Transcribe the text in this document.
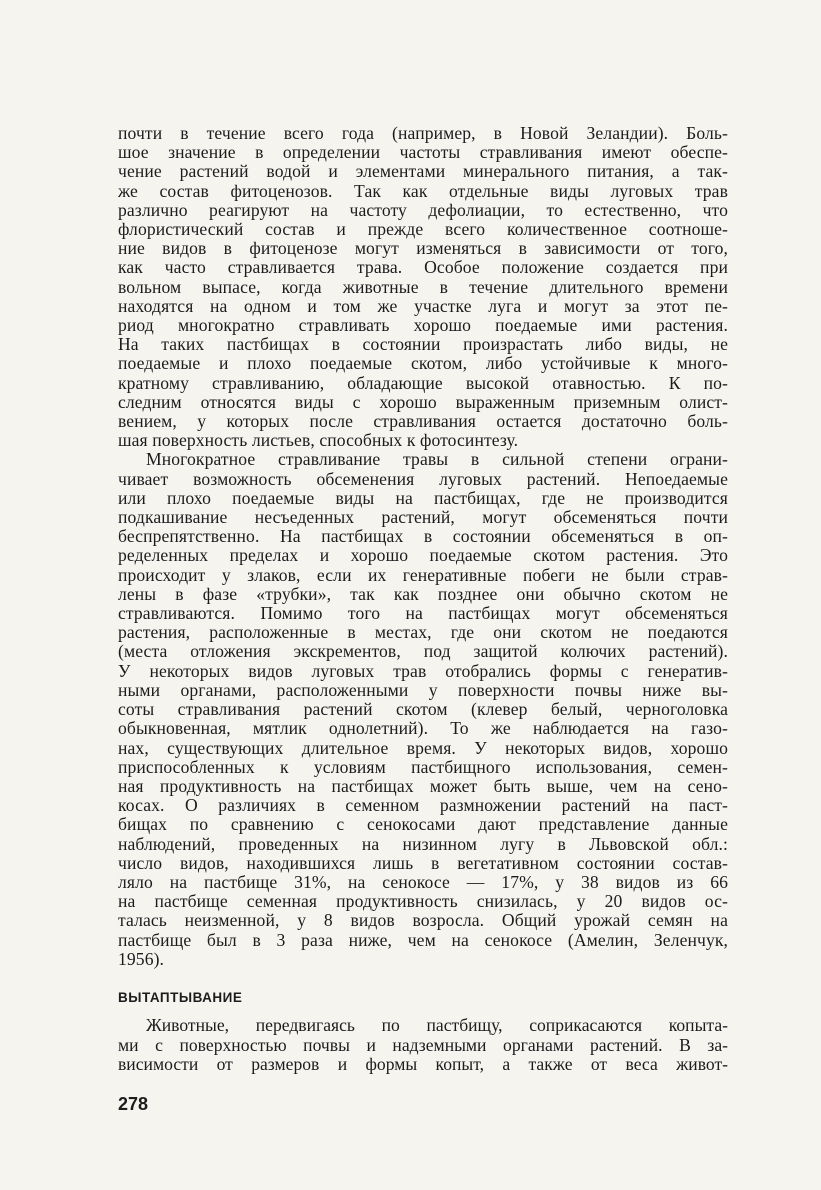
почти в течение всего года (например, в Новой Зеландии). Боль-
шое значение в определении частоты стравливания имеют обеспе-
чение растений водой и элементами минерального питания, а так-
же состав фитоценозов. Так как отдельные виды луговых трав
различно реагируют на частоту дефолиации, то естественно, что
флористический состав и прежде всего количественное соотноше-
ние видов в фитоценозе могут изменяться в зависимости от того,
как часто стравливается трава. Особое положение создается при
вольном выпасе, когда животные в течение длительного времени
находятся на одном и том же участке луга и могут за этот пе-
риод многократно стравливать хорошо поедаемые ими растения.
На таких пастбищах в состоянии произрастать либо виды, не
поедаемые и плохо поедаемые скотом, либо устойчивые к много-
кратному стравливанию, обладающие высокой отавностью. К по-
следним относятся виды с хорошо выраженным приземным олист-
вением, у которых после стравливания остается достаточно боль-
шая поверхность листьев, способных к фотосинтезу.
Многократное стравливание травы в сильной степени ограни-
чивает возможность обсеменения луговых растений. Непоедаемые
или плохо поедаемые виды на пастбищах, где не производится
подкашивание несъеденных растений, могут обсеменяться почти
беспрепятственно. На пастбищах в состоянии обсеменяться в оп-
ределенных пределах и хорошо поедаемые скотом растения. Это
происходит у злаков, если их генеративные побеги не были страв-
лены в фазе «трубки», так как позднее они обычно скотом не
стравливаются. Помимо того на пастбищах могут обсеменяться
растения, расположенные в местах, где они скотом не поедаются
(места отложения экскрементов, под защитой колючих растений).
У некоторых видов луговых трав отобрались формы с генератив-
ными органами, расположенными у поверхности почвы ниже вы-
соты стравливания растений скотом (клевер белый, черноголовка
обыкновенная, мятлик однолетний). То же наблюдается на газо-
нах, существующих длительное время. У некоторых видов, хорошо
приспособленных к условиям пастбищного использования, семен-
ная продуктивность на пастбищах может быть выше, чем на сено-
косах. О различиях в семенном размножении растений на паст-
бищах по сравнению с сенокосами дают представление данные
наблюдений, проведенных на низинном лугу в Львовской обл.:
число видов, находившихся лишь в вегетативном состоянии состав-
ляло на пастбище 31%, на сенокосе — 17%, у 38 видов из 66
на пастбище семенная продуктивность снизилась, у 20 видов ос-
талась неизменной, у 8 видов возросла. Общий урожай семян на
пастбище был в 3 раза ниже, чем на сенокосе (Амелин, Зеленчук,
1956).
ВЫТАПТЫВАНИЕ
Животные, передвигаясь по пастбищу, соприкасаются копыта-
ми с поверхностью почвы и надземными органами растений. В за-
висимости от размеров и формы копыт, а также от веса живот-
278
